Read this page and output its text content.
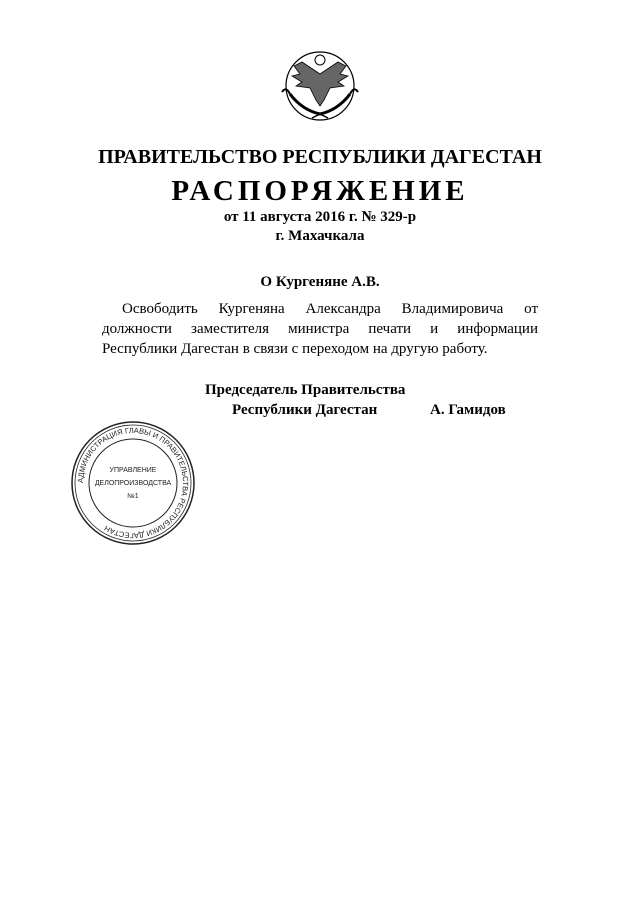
ПРАВИТЕЛЬСТВО РЕСПУБЛИКИ ДАГЕСТАН
РАСПОРЯЖЕНИЕ
от 11 августа 2016 г. № 329-р
г. Махачкала
О Кургеняне А.В.
Освободить Кургеняна Александра Владимировича от должности заместителя министра печати и информации Республики Дагестан в связи с переходом на другую работу.
Председатель Правительства
Республики Дагестан	А. Гамидов
АДМИНИСТРАЦИЯ ГЛАВЫ И ПРАВИТЕЛЬСТВА РЕСПУБЛИКИ ДАГЕСТАН
УПРАВЛЕНИЕ
ДЕЛОПРОИЗВОДСТВА
№1
